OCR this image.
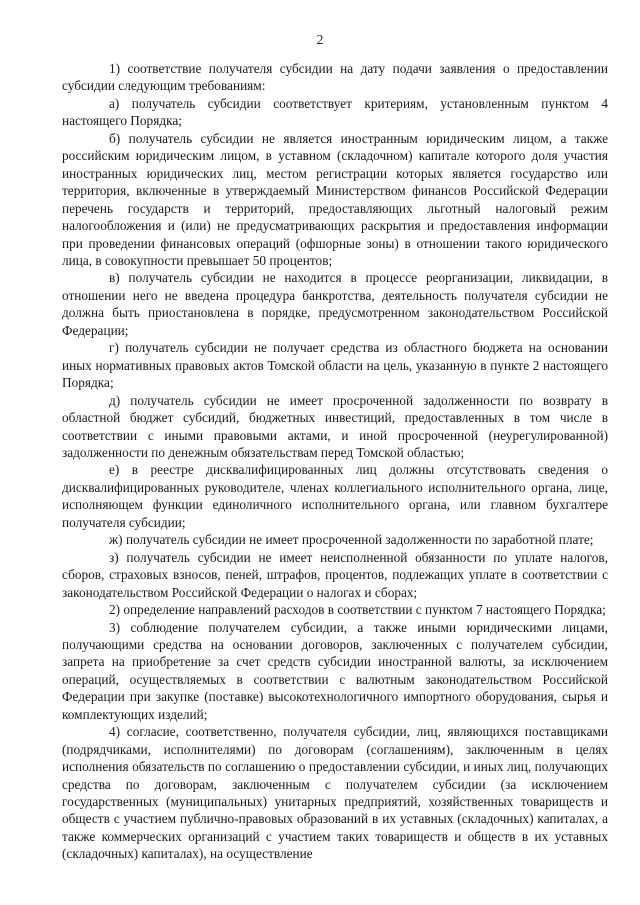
2

1) соответствие получателя субсидии на дату подачи заявления о предоставлении субсидии следующим требованиям:

а) получатель субсидии соответствует критериям, установленным пунктом 4 настоящего Порядка;

б) получатель субсидии не является иностранным юридическим лицом, а также российским юридическим лицом, в уставном (складочном) капитале которого доля участия иностранных юридических лиц, местом регистрации которых является государство или территория, включенные в утверждаемый Министерством финансов Российской Федерации перечень государств и территорий, предоставляющих льготный налоговый режим налогообложения и (или) не предусматривающих раскрытия и предоставления информации при проведении финансовых операций (офшорные зоны) в отношении такого юридического лица, в совокупности превышает 50 процентов;

в) получатель субсидии не находится в процессе реорганизации, ликвидации, в отношении него не введена процедура банкротства, деятельность получателя субсидии не должна быть приостановлена в порядке, предусмотренном законодательством Российской Федерации;

г) получатель субсидии не получает средства из областного бюджета на основании иных нормативных правовых актов Томской области на цель, указанную в пункте 2 настоящего Порядка;

д) получатель субсидии не имеет просроченной задолженности по возврату в областной бюджет субсидий, бюджетных инвестиций, предоставленных в том числе в соответствии с иными правовыми актами, и иной просроченной (неурегулированной) задолженности по денежным обязательствам перед Томской областью;

е) в реестре дисквалифицированных лиц должны отсутствовать сведения о дисквалифицированных руководителе, членах коллегиального исполнительного органа, лице, исполняющем функции единоличного исполнительного органа, или главном бухгалтере получателя субсидии;

ж) получатель субсидии не имеет просроченной задолженности по заработной плате;

з) получатель субсидии не имеет неисполненной обязанности по уплате налогов, сборов, страховых взносов, пеней, штрафов, процентов, подлежащих уплате в соответствии с законодательством Российской Федерации о налогах и сборах;

2) определение направлений расходов в соответствии с пунктом 7 настоящего Порядка;

3) соблюдение получателем субсидии, а также иными юридическими лицами, получающими средства на основании договоров, заключенных с получателем субсидии, запрета на приобретение за счет средств субсидии иностранной валюты, за исключением операций, осуществляемых в соответствии с валютным законодательством Российской Федерации при закупке (поставке) высокотехнологичного импортного оборудования, сырья и комплектующих изделий;

4) согласие, соответственно, получателя субсидии, лиц, являющихся поставщиками (подрядчиками, исполнителями) по договорам (соглашениям), заключенным в целях исполнения обязательств по соглашению о предоставлении субсидии, и иных лиц, получающих средства по договорам, заключенным с получателем субсидии (за исключением государственных (муниципальных) унитарных предприятий, хозяйственных товариществ и обществ с участием публично-правовых образований в их уставных (складочных) капиталах, а также коммерческих организаций с участием таких товариществ и обществ в их уставных (складочных) капиталах), на осуществление
